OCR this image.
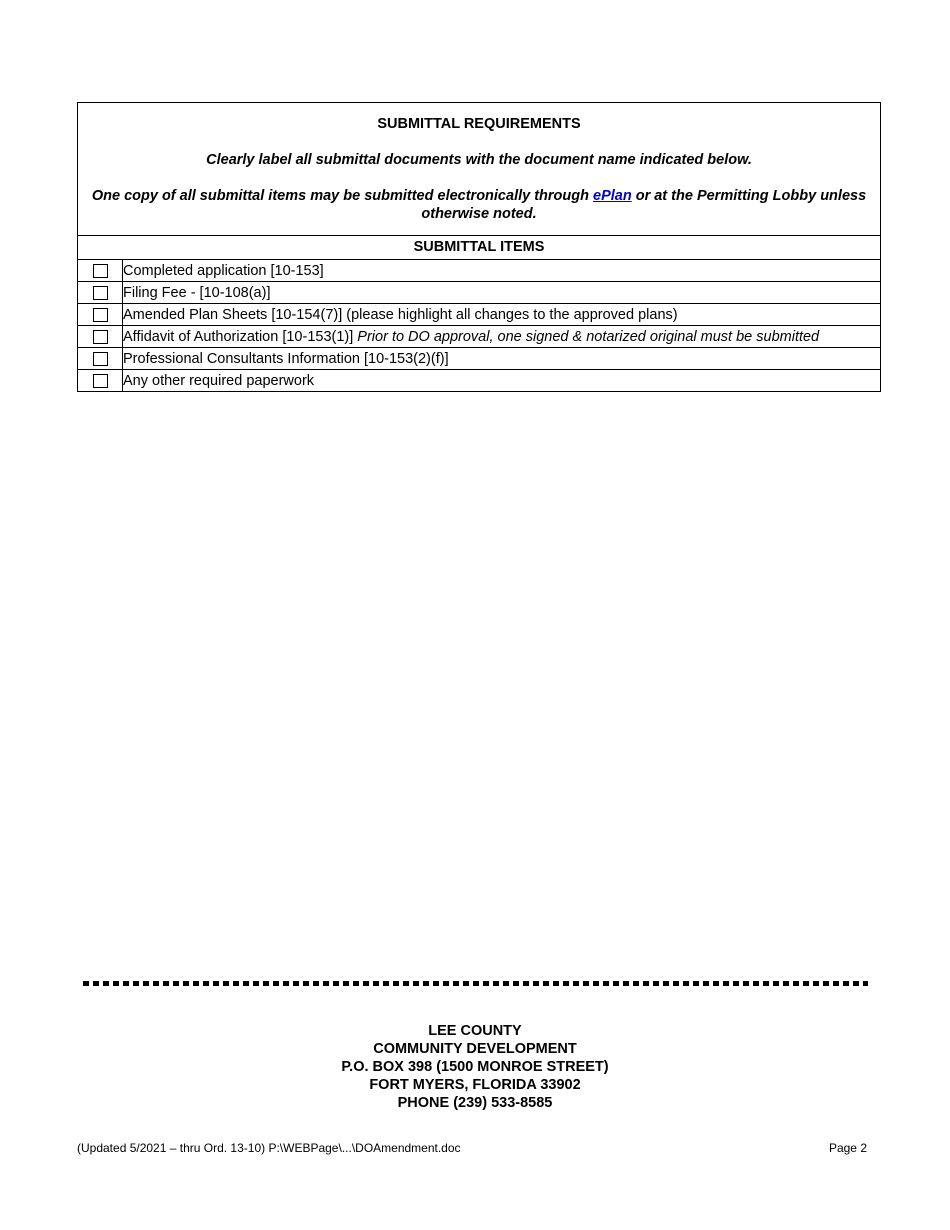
SUBMITTAL REQUIREMENTS
Clearly label all submittal documents with the document name indicated below.
One copy of all submittal items may be submitted electronically through ePlan or at the Permitting Lobby unless otherwise noted.
SUBMITTAL ITEMS
	Completed application [10-153]
	Filing Fee - [10-108(a)]
	Amended Plan Sheets [10-154(7)] (please highlight all changes to the approved plans)
	Affidavit of Authorization [10-153(1)] Prior to DO approval, one signed & notarized original must be submitted
	Professional Consultants Information [10-153(2)(f)]
	Any other required paperwork
LEE COUNTY
COMMUNITY DEVELOPMENT
P.O. BOX 398 (1500 MONROE STREET)
FORT MYERS, FLORIDA 33902
PHONE (239) 533-8585
(Updated 5/2021 – thru Ord. 13-10) P:\WEBPage\...\DOAmendment.doc	Page 2
